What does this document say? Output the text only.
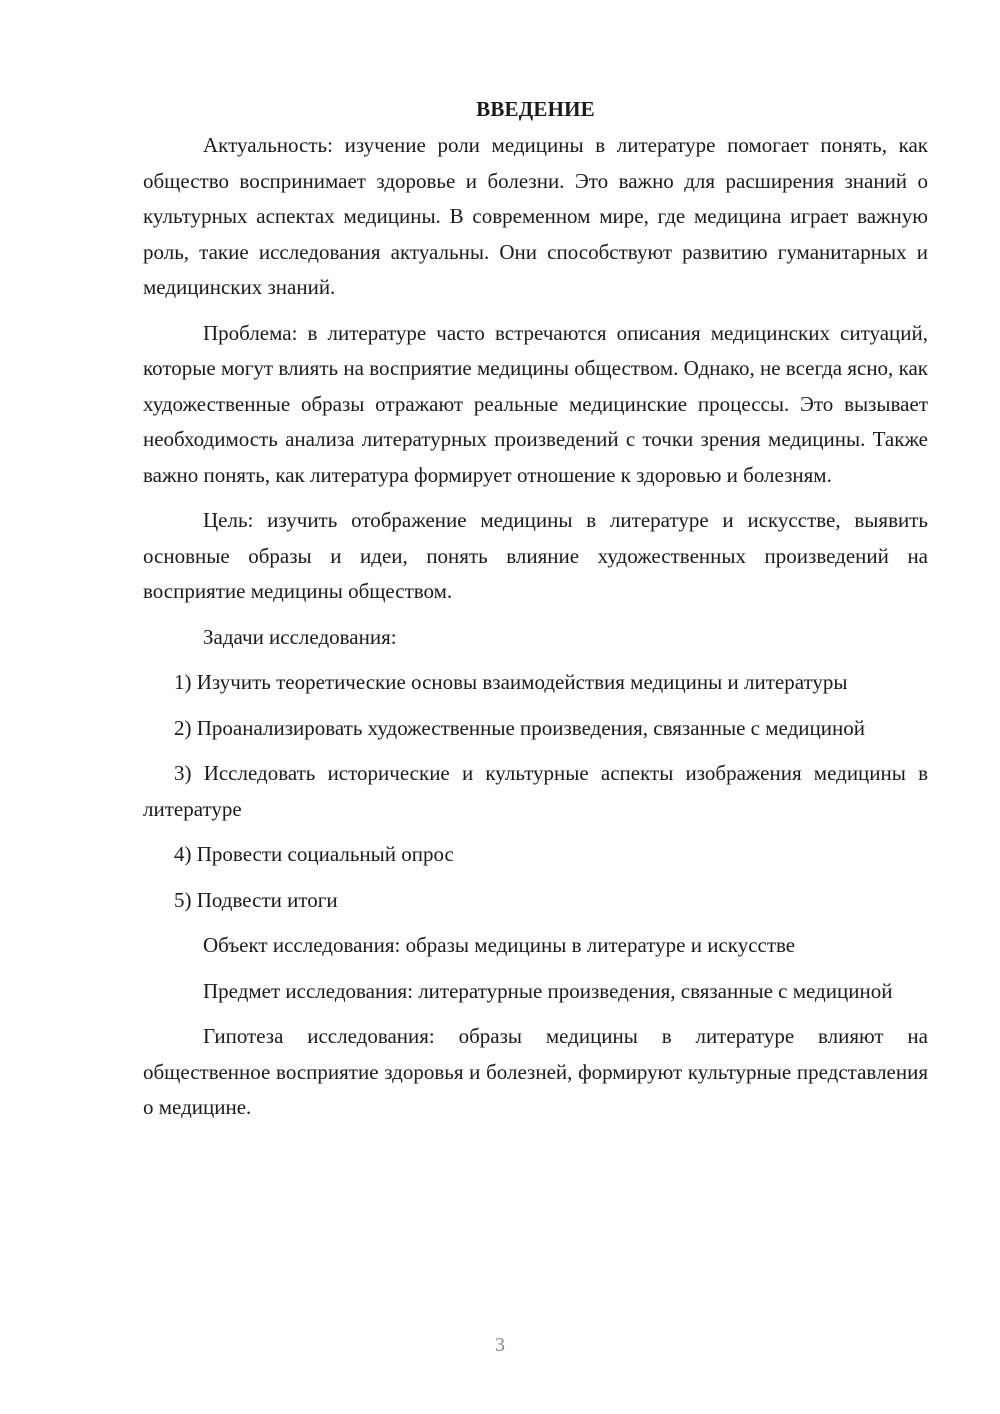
ВВЕДЕНИЕ

Актуальность: изучение роли медицины в литературе помогает понять, как общество воспринимает здоровье и болезни. Это важно для расширения знаний о культурных аспектах медицины. В современном мире, где медицина играет важную роль, такие исследования актуальны. Они способствуют развитию гуманитарных и медицинских знаний.

Проблема: в литературе часто встречаются описания медицинских ситуаций, которые могут влиять на восприятие медицины обществом. Однако, не всегда ясно, как художественные образы отражают реальные медицинские процессы. Это вызывает необходимость анализа литературных произведений с точки зрения медицины. Также важно понять, как литература формирует отношение к здоровью и болезням.

Цель: изучить отображение медицины в литературе и искусстве, выявить основные образы и идеи, понять влияние художественных произведений на восприятие медицины обществом.

Задачи исследования:

1) Изучить теоретические основы взаимодействия медицины и литературы

2) Проанализировать художественные произведения, связанные с медициной

3) Исследовать исторические и культурные аспекты изображения медицины в литературе

4) Провести социальный опрос

5) Подвести итоги

Объект исследования: образы медицины в литературе и искусстве

Предмет исследования: литературные произведения, связанные с медициной

Гипотеза исследования: образы медицины в литературе влияют на общественное восприятие здоровья и болезней, формируют культурные представления о медицине.

3
